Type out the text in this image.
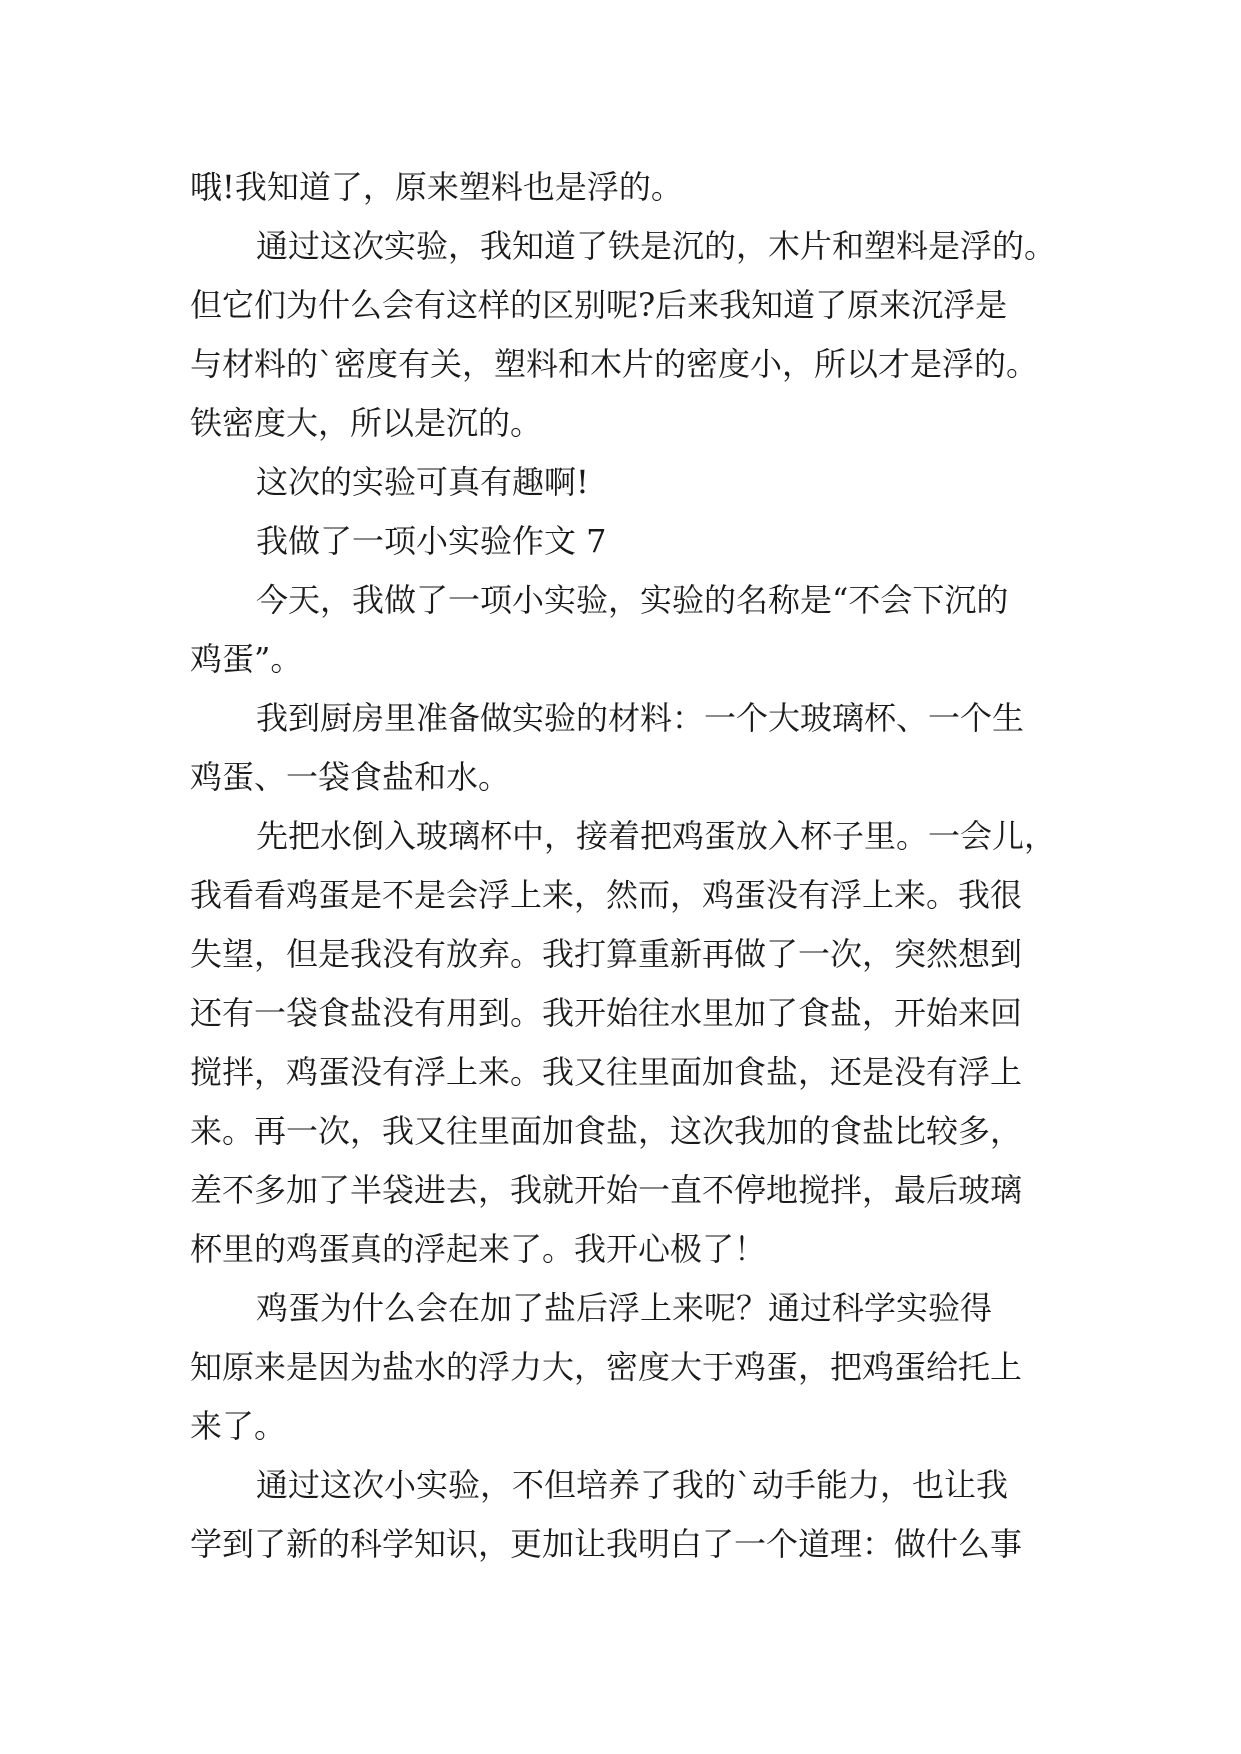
哦!我知道了，原来塑料也是浮的。
通过这次实验，我知道了铁是沉的，木片和塑料是浮的。
但它们为什么会有这样的区别呢?后来我知道了原来沉浮是
与材料的`密度有关，塑料和木片的密度小，所以才是浮的。
铁密度大，所以是沉的。
这次的实验可真有趣啊!
我做了一项小实验作文 7
今天，我做了一项小实验，实验的名称是“不会下沉的
鸡蛋”。
我到厨房里准备做实验的材料：一个大玻璃杯、一个生
鸡蛋、一袋食盐和水。
先把水倒入玻璃杯中，接着把鸡蛋放入杯子里。一会儿，
我看看鸡蛋是不是会浮上来，然而，鸡蛋没有浮上来。我很
失望，但是我没有放弃。我打算重新再做了一次，突然想到
还有一袋食盐没有用到。我开始往水里加了食盐，开始来回
搅拌，鸡蛋没有浮上来。我又往里面加食盐，还是没有浮上
来。再一次，我又往里面加食盐，这次我加的食盐比较多，
差不多加了半袋进去，我就开始一直不停地搅拌，最后玻璃
杯里的鸡蛋真的浮起来了。我开心极了！
鸡蛋为什么会在加了盐后浮上来呢？通过科学实验得
知原来是因为盐水的浮力大，密度大于鸡蛋，把鸡蛋给托上
来了。
通过这次小实验，不但培养了我的`动手能力，也让我
学到了新的科学知识，更加让我明白了一个道理：做什么事
